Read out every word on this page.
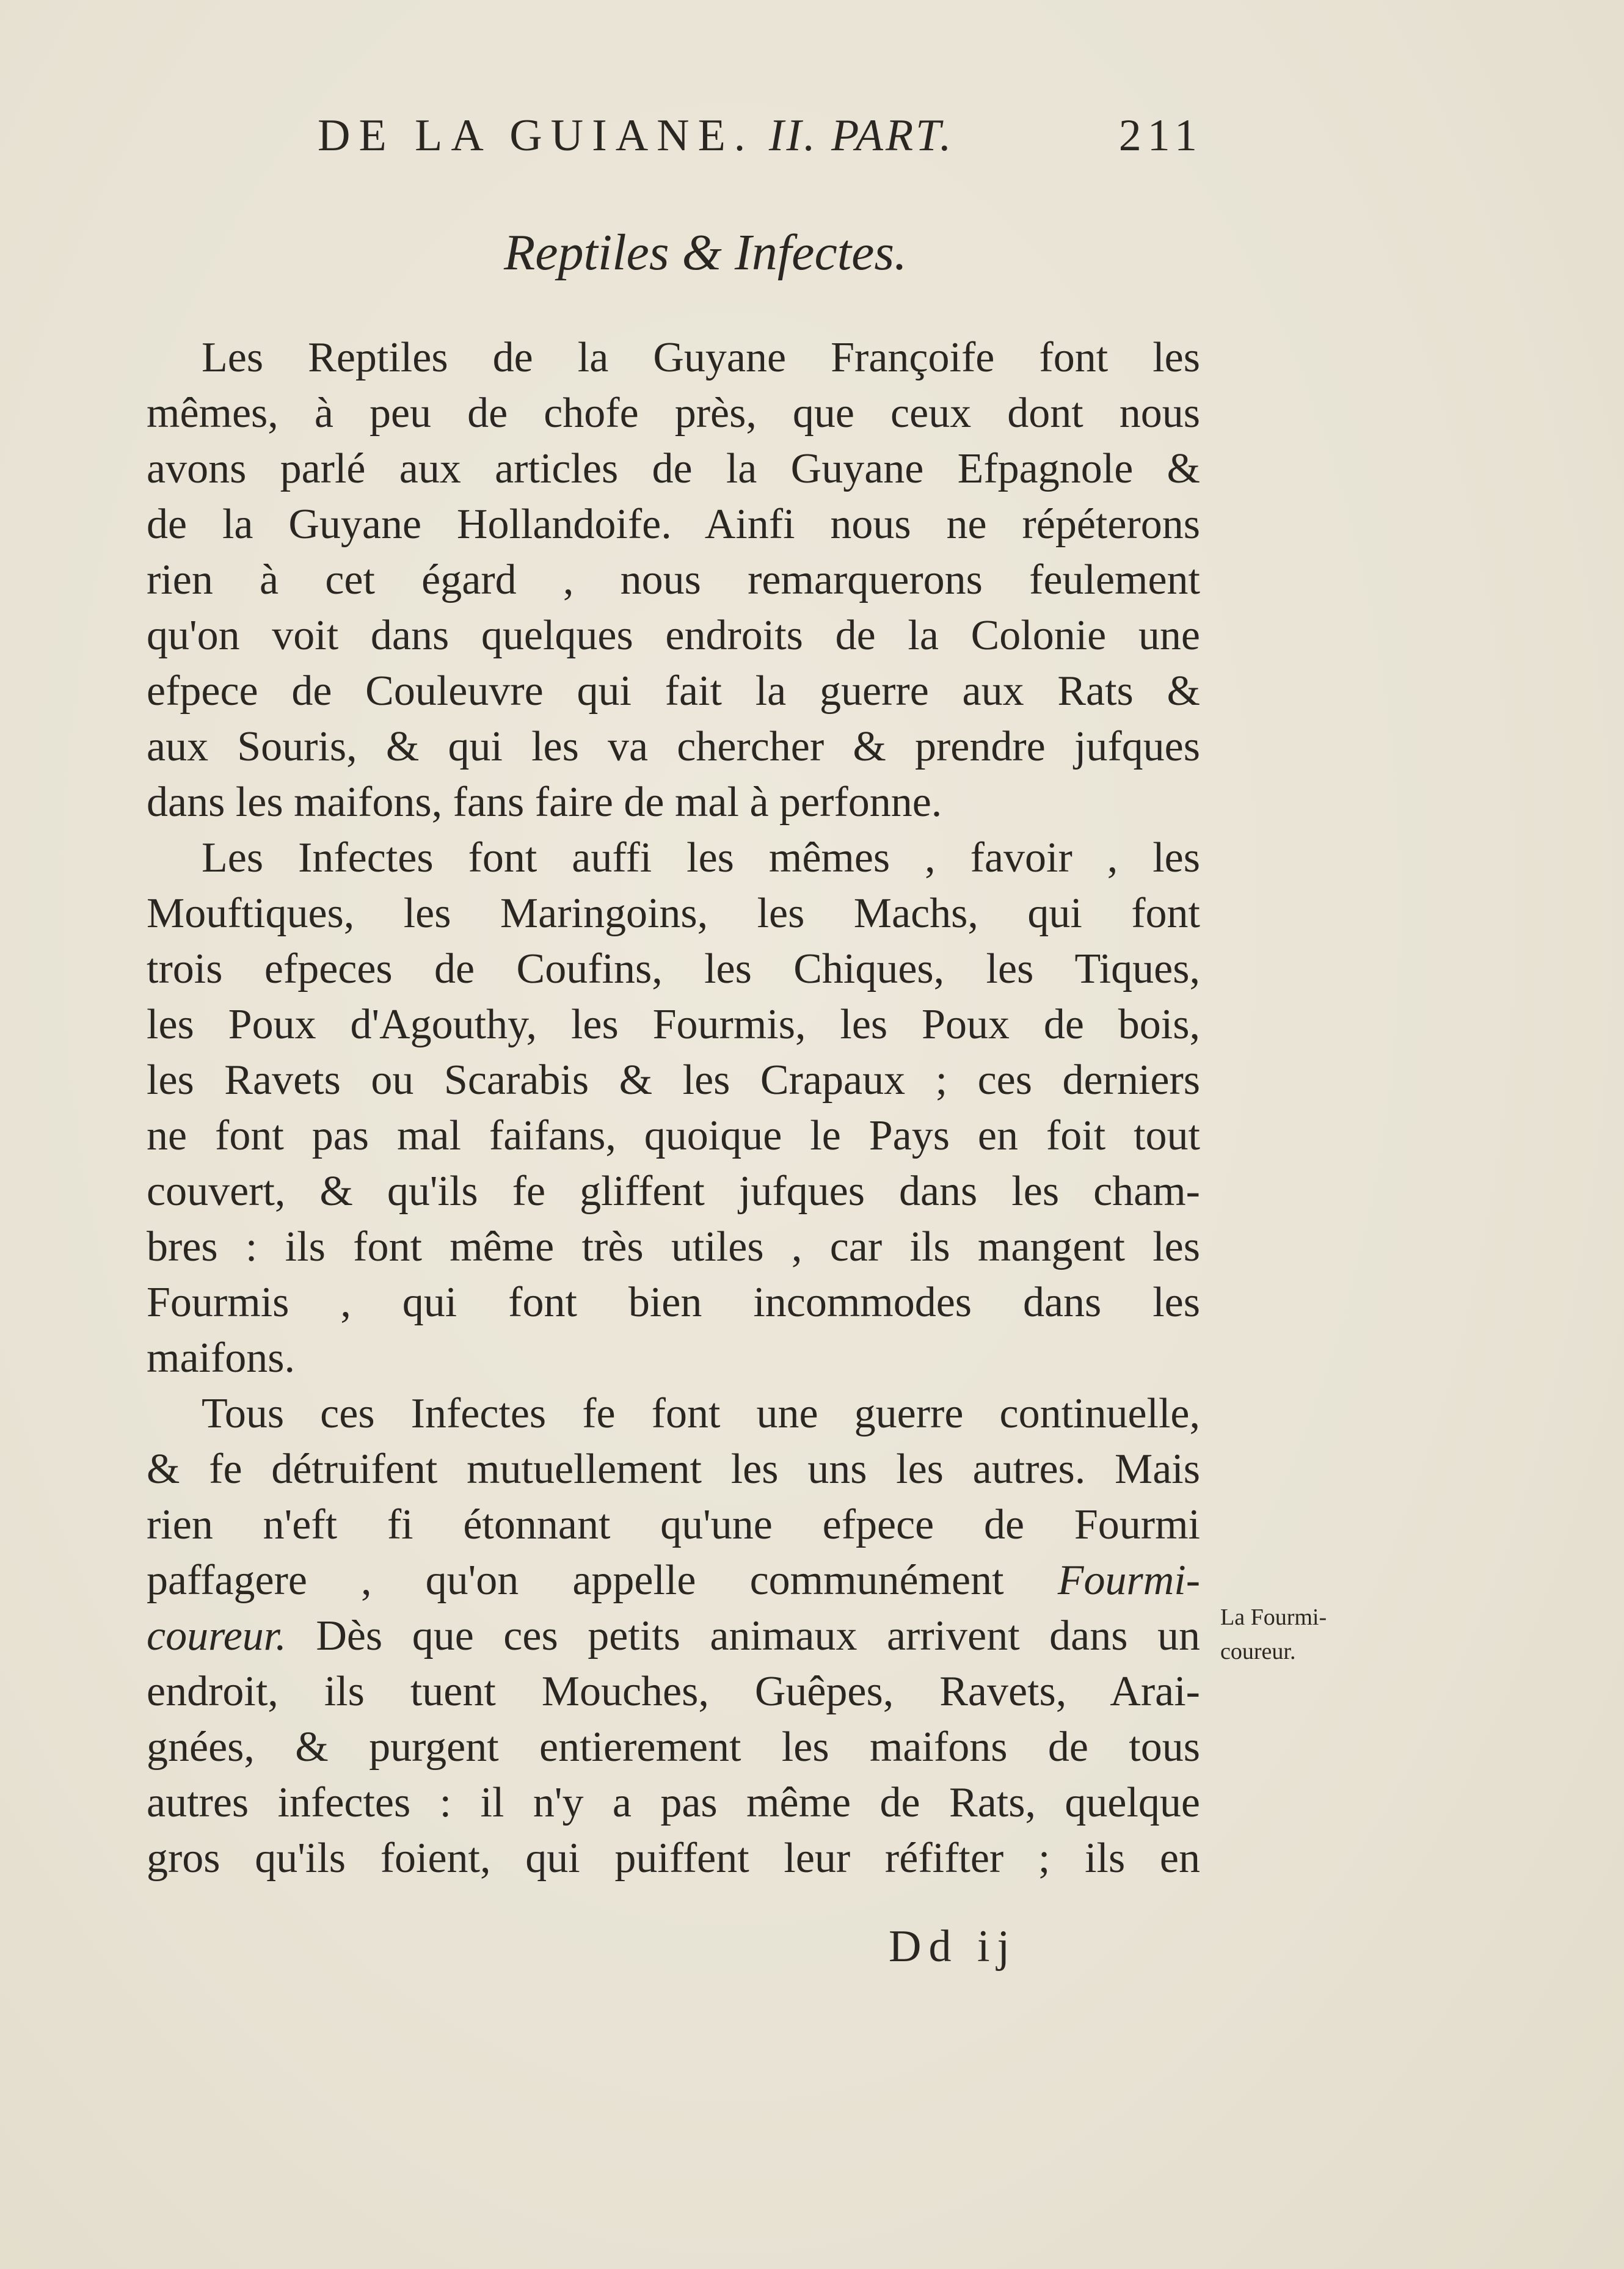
DE LA GUIANE. II. PART.	211
Reptiles & Infectes.
Les Reptiles de la Guyane Françoife font les
mêmes, à peu de chofe près, que ceux dont nous
avons parlé aux articles de la Guyane Efpagnole &
de la Guyane Hollandoife. Ainfi nous ne répéterons
rien à cet égard , nous remarquerons feulement
qu'on voit dans quelques endroits de la Colonie une
efpece de Couleuvre qui fait la guerre aux Rats &
aux Souris, & qui les va chercher & prendre jufques
dans les maifons, fans faire de mal à perfonne.
Les Infectes font auffi les mêmes , favoir , les
Mouftiques, les Maringoins, les Machs, qui font
trois efpeces de Coufins, les Chiques, les Tiques,
les Poux d'Agouthy, les Fourmis, les Poux de bois,
les Ravets ou Scarabis & les Crapaux ; ces derniers
ne font pas mal faifans, quoique le Pays en foit tout
couvert, & qu'ils fe gliffent jufques dans les cham-
bres : ils font même très utiles , car ils mangent les
Fourmis , qui font bien incommodes dans les
maifons.
Tous ces Infectes fe font une guerre continuelle,
& fe détruifent mutuellement les uns les autres. Mais
rien n'eft fi étonnant qu'une efpece de Fourmi
paffagere , qu'on appelle communément Fourmi-
coureur. Dès que ces petits animaux arrivent dans un
endroit, ils tuent Mouches, Guêpes, Ravets, Arai-
gnées, & purgent entierement les maifons de tous
autres infectes : il n'y a pas même de Rats, quelque
gros qu'ils foient, qui puiffent leur réfifter ; ils en
La Fourmi-
coureur.
Dd ij
